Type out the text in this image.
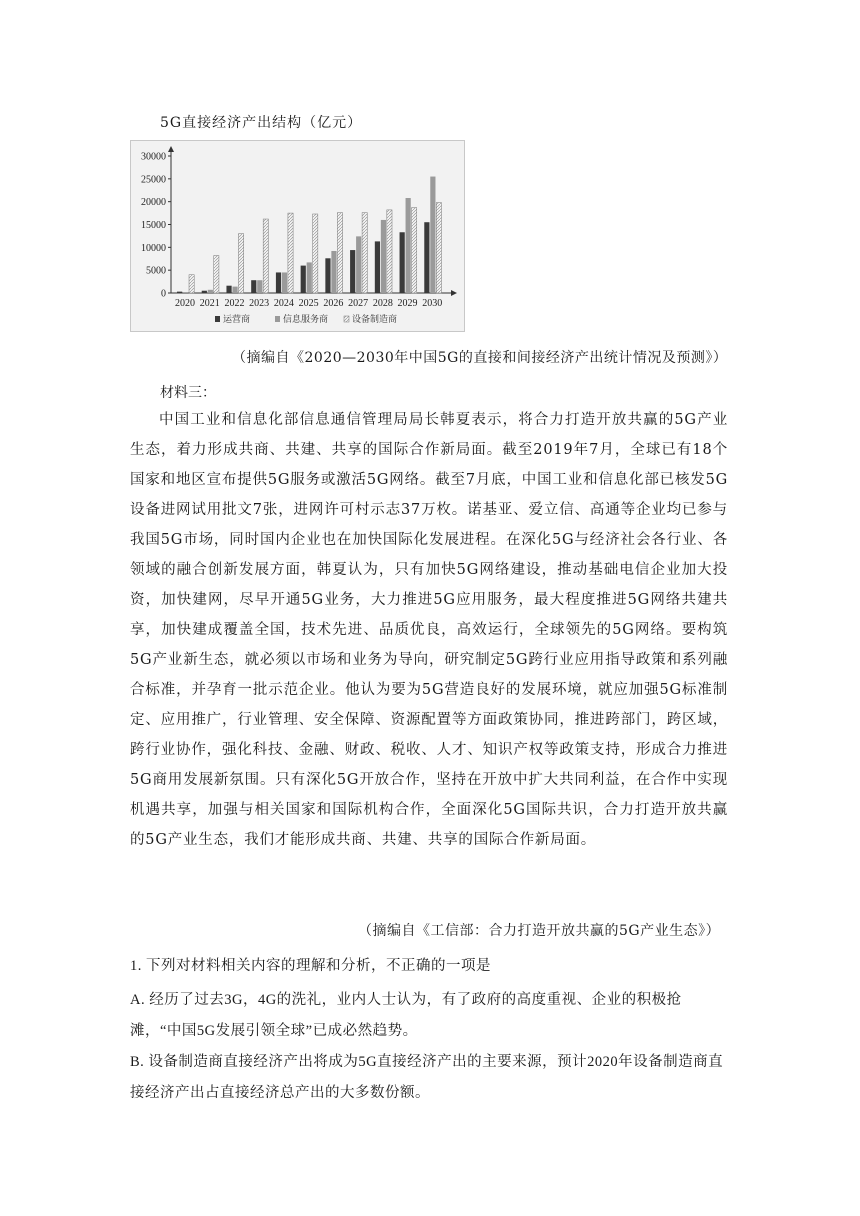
5G直接经济产出结构（亿元）
0
5000
10000
15000
20000
25000
30000
2020 2021 2022 2023 2024 2025 2026 2027 2028 2029 2030
运营商	信息服务商	设备制造商
（摘编自《2020—2030年中国5G的直接和间接经济产出统计情况及预测》）
材料三：
中国工业和信息化部信息通信管理局局长韩夏表示，将合力打造开放共赢的5G产业生态，着力形成共商、共建、共享的国际合作新局面。截至2019年7月，全球已有18个国家和地区宣布提供5G服务或激活5G网络。截至7月底，中国工业和信息化部已核发5G设备进网试用批文7张，进网许可村示志37万枚。诺基亚、爱立信、高通等企业均已参与我国5G市场，同时国内企业也在加快国际化发展进程。在深化5G与经济社会各行业、各领域的融合创新发展方面，韩夏认为，只有加快5G网络建设，推动基础电信企业加大投资，加快建网，尽早开通5G业务，大力推进5G应用服务，最大程度推进5G网络共建共享，加快建成覆盖全国，技术先进、品质优良，高效运行，全球领先的5G网络。要构筑5G产业新生态，就必须以市场和业务为导向，研究制定5G跨行业应用指导政策和系列融合标准，并孕育一批示范企业。他认为要为5G营造良好的发展环境，就应加强5G标准制定、应用推广，行业管理、安全保障、资源配置等方面政策协同，推进跨部门，跨区域，跨行业协作，强化科技、金融、财政、税收、人才、知识产权等政策支持，形成合力推进5G商用发展新氛围。只有深化5G开放合作，坚持在开放中扩大共同利益，在合作中实现机遇共享，加强与相关国家和国际机构合作，全面深化5G国际共识，合力打造开放共赢的5G产业生态，我们才能形成共商、共建、共享的国际合作新局面。
（摘编自《工信部：合力打造开放共赢的5G产业生态》）
1. 下列对材料相关内容的理解和分析，不正确的一项是
A. 经历了过去3G，4G的洗礼，业内人士认为，有了政府的高度重视、企业的积极抢滩，“中国5G发展引领全球”已成必然趋势。
B. 设备制造商直接经济产出将成为5G直接经济产出的主要来源，预计2020年设备制造商直接经济产出占直接经济总产出的大多数份额。
